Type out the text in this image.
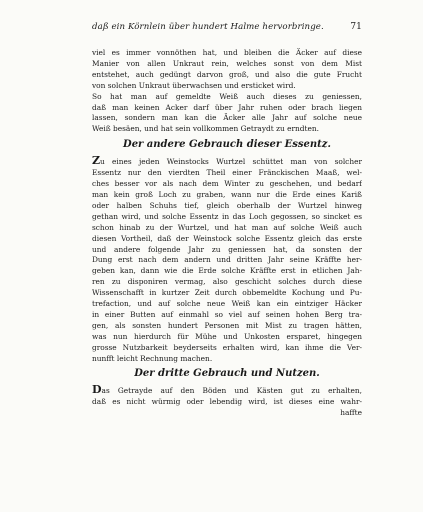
daß ein Körnlein über hundert Halme hervorbringe.	71
viel es immer vonnöthen hat, und bleiben die Äcker auf diese
Manier von allen Unkraut rein, welches sonst von dem Mist
entstehet, auch gedüngt darvon groß, und also die gute Frucht
von solchen Unkraut überwachsen und ersticket wird.
So hat man auf gemeldte Weiß auch dieses zu geniessen,
daß man keinen Acker darf über Jahr ruhen oder brach liegen
lassen, sondern man kan die Äcker alle Jahr auf solche neue
Weiß besäen, und hat sein vollkommen Getraydt zu erndten.
Der andere Gebrauch dieser Essentz.
Zu eines jeden Weinstocks Wurtzel schüttet man von solcher
Essentz nur den vierdten Theil einer Fränckischen Maaß, wel-
ches besser vor als nach dem Winter zu geschehen, und bedarf
man kein groß Loch zu graben, wann nur die Erde eines Kariß
oder halben Schuhs tief, gleich oberhalb der Wurtzel hinweg
gethan wird, und solche Essentz in das Loch gegossen, so sincket es
schon hinab zu der Wurtzel, und hat man auf solche Weiß auch
diesen Vortheil, daß der Weinstock solche Essentz gleich das erste
und andere folgende Jahr zu geniessen hat, da sonsten der
Dung erst nach dem andern und dritten Jahr seine Kräffte her-
geben kan, dann wie die Erde solche Kräffte erst in etlichen Jah-
ren zu disponiren vermag, also geschicht solches durch diese
Wissenschafft in kurtzer Zeit durch obbemeldte Kochung und Pu-
trefaction, und auf solche neue Weiß kan ein eintziger Häcker
in einer Butten auf einmahl so viel auf seinen hohen Berg tra-
gen, als sonsten hundert Personen mit Mist zu tragen hätten,
was nun hierdurch für Mühe und Unkosten ersparet, hingegen
grosse Nutzbarkeit beyderseits erhalten wird, kan ihme die Ver-
nunfft leicht Rechnung machen.
Der dritte Gebrauch und Nutzen.
Das Getrayde auf den Böden und Kästen gut zu erhalten,
daß es nicht würmig oder lebendig wird, ist dieses eine wahr-
haffte
